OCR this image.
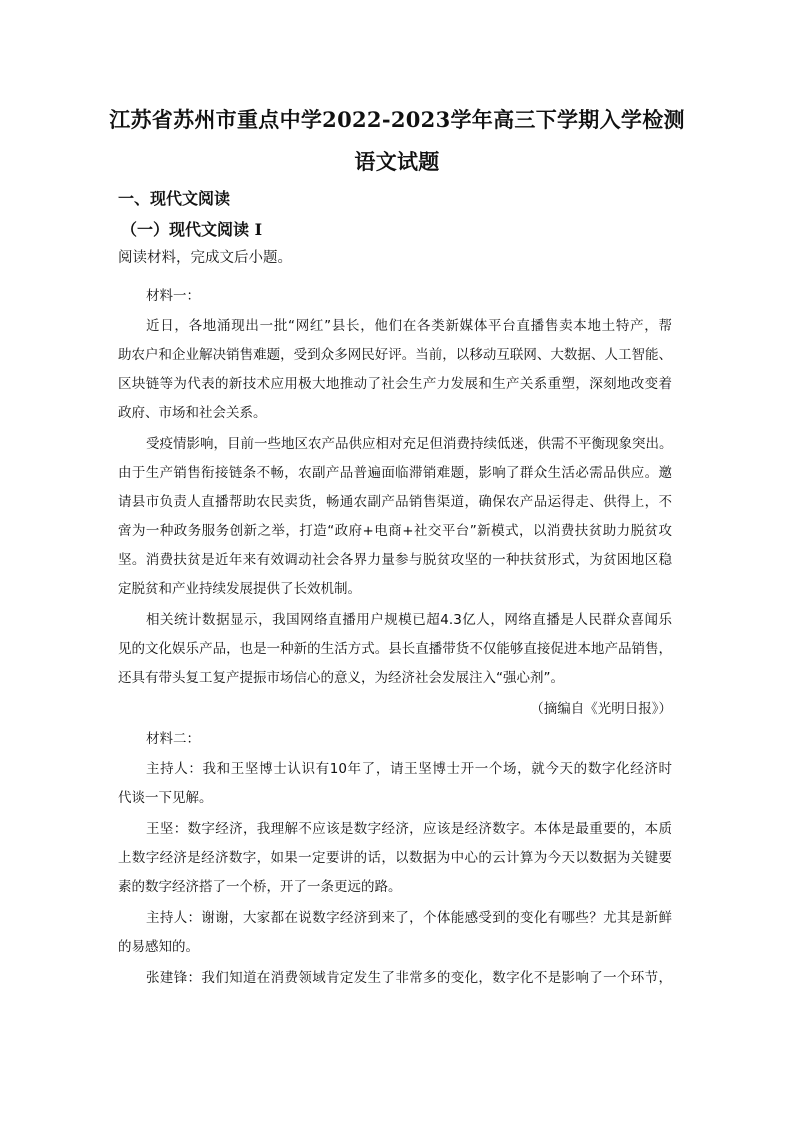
江苏省苏州市重点中学2022-2023学年高三下学期入学检测
语文试题
一、现代文阅读
（一）现代文阅读 I
阅读材料，完成文后小题。
材料一：
近日，各地涌现出一批“网红”县长，他们在各类新媒体平台直播售卖本地土特产，帮
助农户和企业解决销售难题，受到众多网民好评。当前，以移动互联网、大数据、人工智能、
区块链等为代表的新技术应用极大地推动了社会生产力发展和生产关系重塑，深刻地改变着
政府、市场和社会关系。
受疫情影响，目前一些地区农产品供应相对充足但消费持续低迷，供需不平衡现象突出。
由于生产销售衔接链条不畅，农副产品普遍面临滞销难题，影响了群众生活必需品供应。邀
请县市负责人直播帮助农民卖货，畅通农副产品销售渠道，确保农产品运得走、供得上，不
啻为一种政务服务创新之举，打造“政府+电商+社交平台”新模式，以消费扶贫助力脱贫攻
坚。消费扶贫是近年来有效调动社会各界力量参与脱贫攻坚的一种扶贫形式，为贫困地区稳
定脱贫和产业持续发展提供了长效机制。
相关统计数据显示，我国网络直播用户规模已超4.3亿人，网络直播是人民群众喜闻乐
见的文化娱乐产品，也是一种新的生活方式。县长直播带货不仅能够直接促进本地产品销售，
还具有带头复工复产提振市场信心的意义，为经济社会发展注入“强心剂”。
（摘编自《光明日报》）
材料二：
主持人：我和王坚博士认识有10年了，请王坚博士开一个场，就今天的数字化经济时
代谈一下见解。
王坚：数字经济，我理解不应该是数字经济，应该是经济数字。本体是最重要的，本质
上数字经济是经济数字，如果一定要讲的话，以数据为中心的云计算为今天以数据为关键要
素的数字经济搭了一个桥，开了一条更远的路。
主持人：谢谢，大家都在说数字经济到来了，个体能感受到的变化有哪些？尤其是新鲜
的易感知的。
张建锋：我们知道在消费领域肯定发生了非常多的变化，数字化不是影响了一个环节，
